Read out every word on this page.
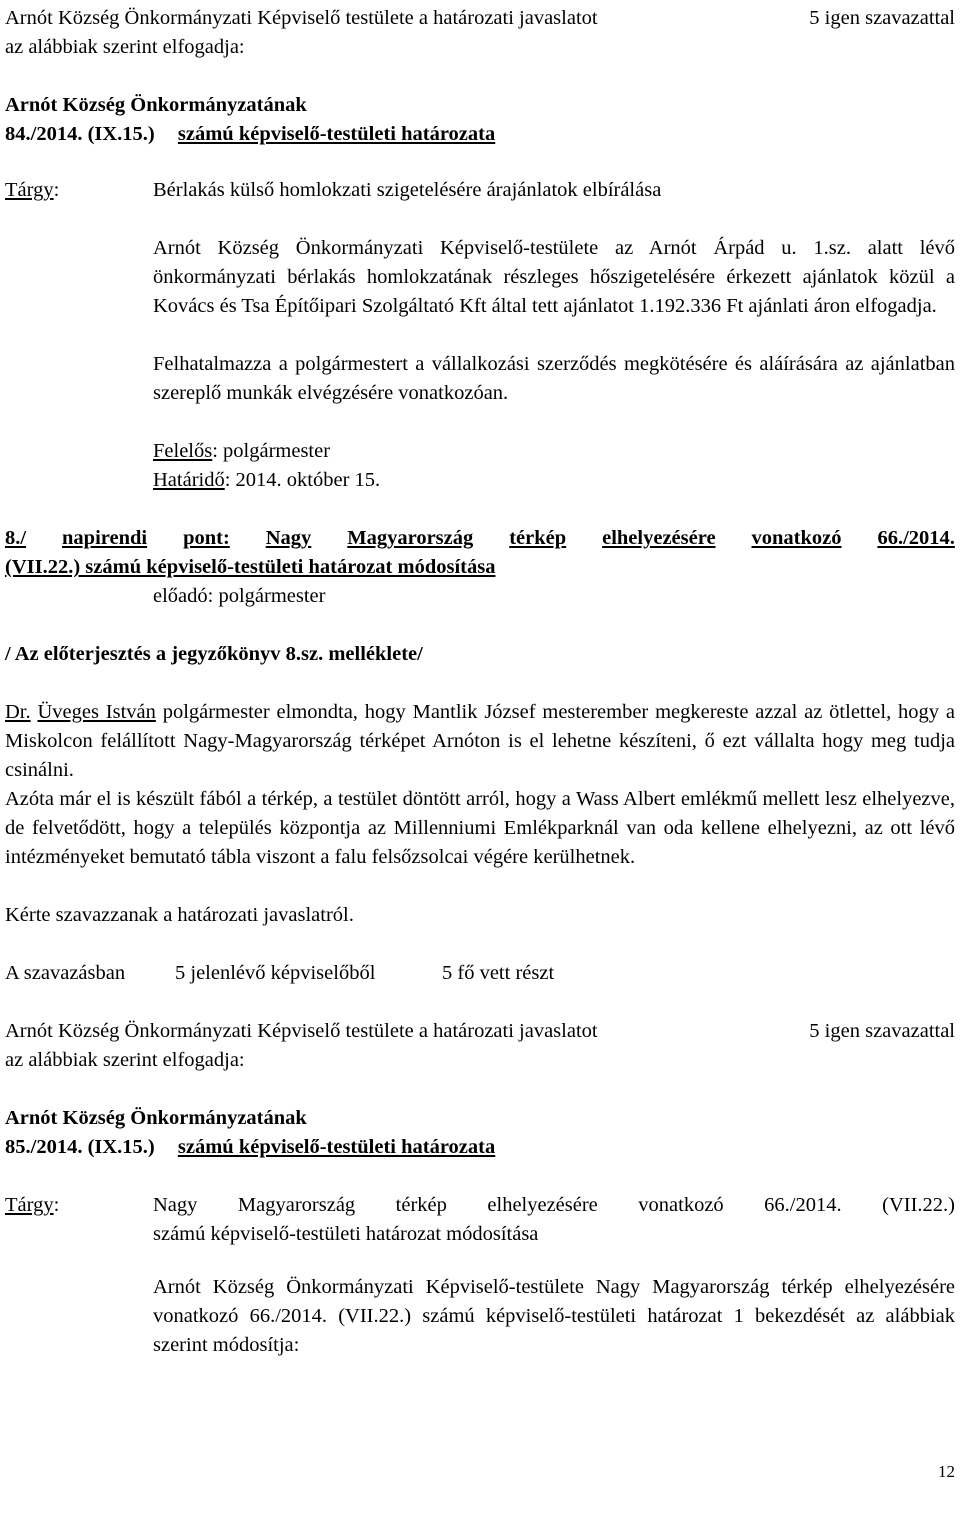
Arnót Község Önkormányzati Képviselő testülete a határozati javaslatot	5 igen szavazattal
az alábbiak szerint elfogadja:
Arnót Község Önkormányzatának
84./2014. (IX.15.) számú képviselő-testületi határozata
Tárgy:	Bérlakás külső homlokzati szigetelésére árajánlatok elbírálása
Arnót Község Önkormányzati Képviselő-testülete az Arnót Árpád u. 1.sz. alatt lévő önkormányzati bérlakás homlokzatának részleges hőszigetelésére érkezett ajánlatok közül a Kovács és Tsa Építőipari Szolgáltató Kft által tett ajánlatot 1.192.336 Ft ajánlati áron elfogadja.
Felhatalmazza a polgármestert a vállalkozási szerződés megkötésére és aláírására az ajánlatban szereplő munkák elvégzésére vonatkozóan.
Felelős: polgármester
Határidő: 2014. október 15.
8./ napirendi pont: Nagy Magyarország térkép elhelyezésére vonatkozó 66./2014.
(VII.22.) számú képviselő-testületi határozat módosítása
előadó: polgármester
/ Az előterjesztés a jegyzőkönyv 8.sz. melléklete/
Dr. Üveges István polgármester elmondta, hogy Mantlik József mesterember megkereste azzal az ötlettel, hogy a Miskolcon felállított Nagy-Magyarország térképet Arnóton is el lehetne készíteni, ő ezt vállalta hogy meg tudja csinálni.
Azóta már el is készült fából a térkép, a testület döntött arról, hogy a Wass Albert emlékmű mellett lesz elhelyezve, de felvetődött, hogy a település központja az Millenniumi Emlékparknál van oda kellene elhelyezni, az ott lévő intézményeket bemutató tábla viszont a falu felsőzsolcai végére kerülhetnek.
Kérte szavazzanak a határozati javaslatról.
A szavazásban 5 jelenlévő képviselőből	5 fő vett részt
Arnót Község Önkormányzati Képviselő testülete a határozati javaslatot	5 igen szavazattal
az alábbiak szerint elfogadja:
Arnót Község Önkormányzatának
85./2014. (IX.15.) számú képviselő-testületi határozata
Tárgy:	Nagy Magyarország térkép elhelyezésére vonatkozó 66./2014. (VII.22.)
számú képviselő-testületi határozat módosítása
Arnót Község Önkormányzati Képviselő-testülete Nagy Magyarország térkép elhelyezésére vonatkozó 66./2014. (VII.22.) számú képviselő-testületi határozat 1 bekezdését az alábbiak szerint módosítja:
12
